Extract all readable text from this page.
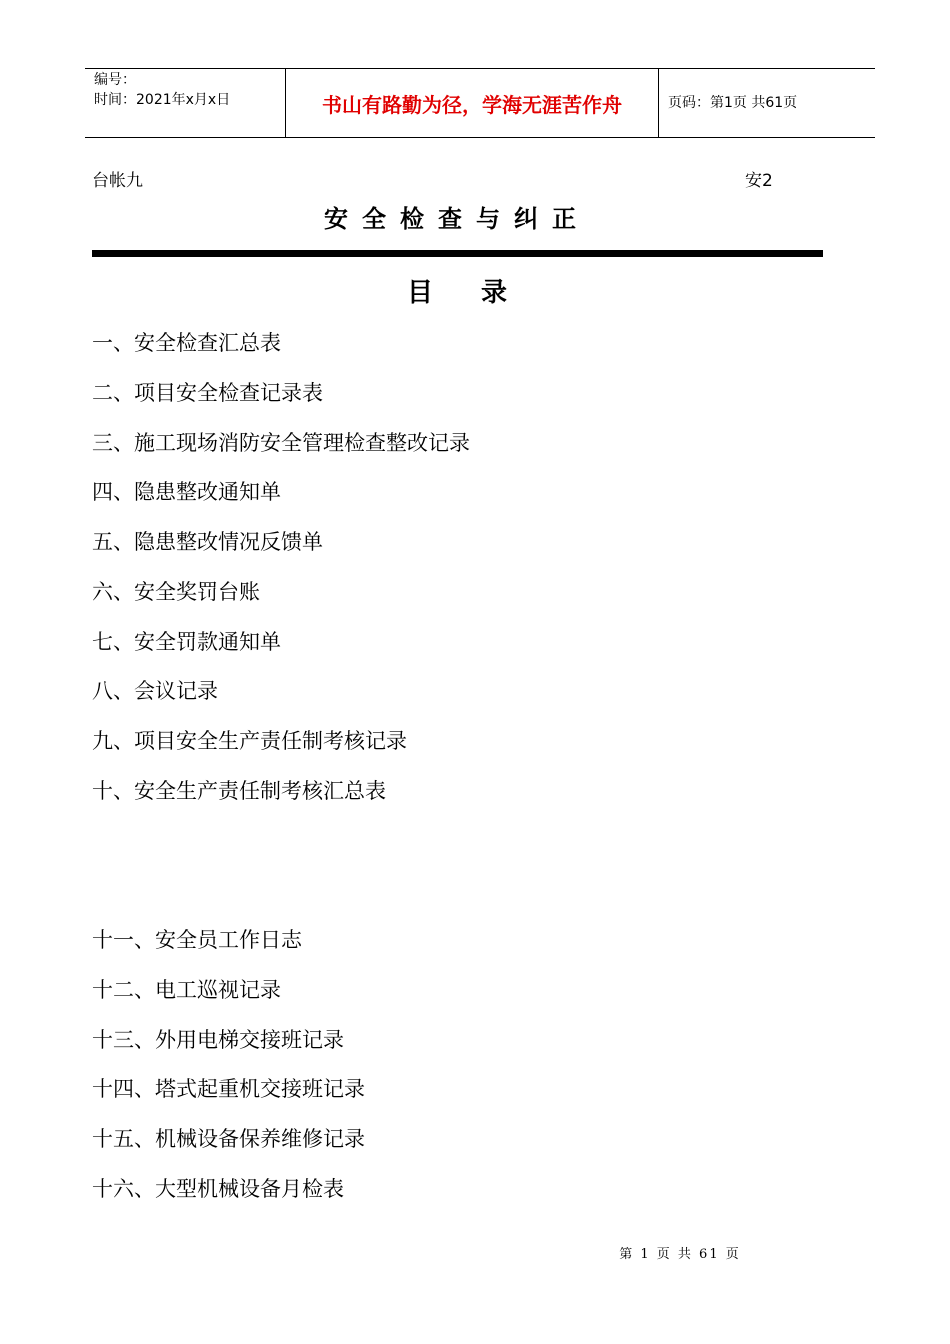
编号：
时间：2021年x月x日	书山有路勤为径，学海无涯苦作舟	页码：第1页 共61页
台帐九	安2
安全检查与纠正
目录
一、安全检查汇总表
二、项目安全检查记录表
三、施工现场消防安全管理检查整改记录
四、隐患整改通知单
五、隐患整改情况反馈单
六、安全奖罚台账
七、安全罚款通知单
八、会议记录
九、项目安全生产责任制考核记录
十、安全生产责任制考核汇总表
十一、安全员工作日志
十二、电工巡视记录
十三、外用电梯交接班记录
十四、塔式起重机交接班记录
十五、机械设备保养维修记录
十六、大型机械设备月检表
第 1 页 共 61 页
